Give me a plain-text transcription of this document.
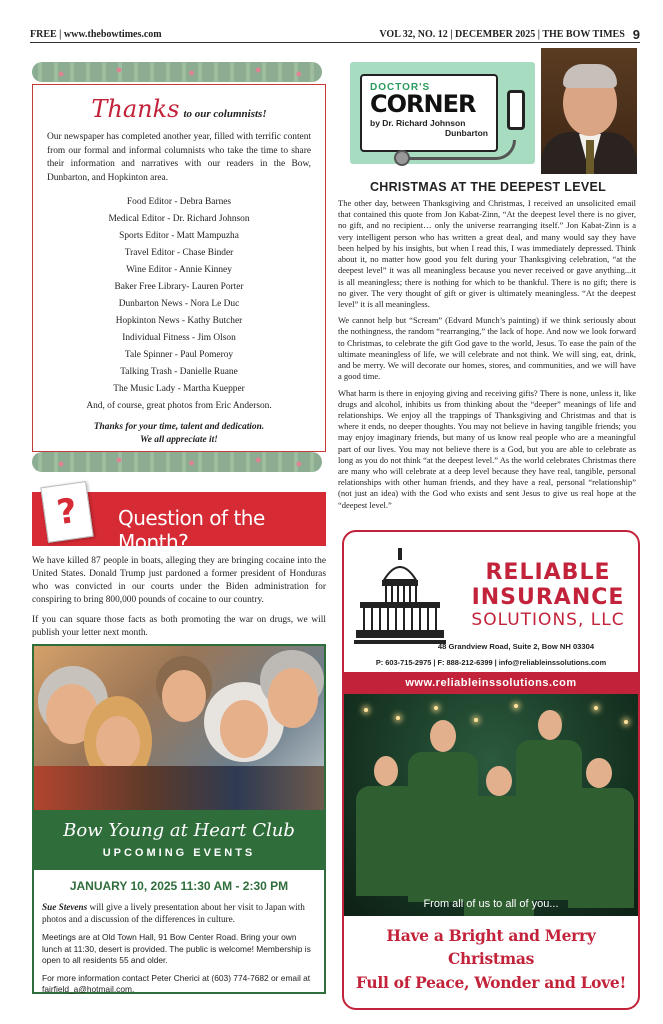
FREE | www.thebowtimes.com	VOL 32, NO. 12 | DECEMBER 2025 | THE BOW TIMES 9
Thanks to our columnists!

Our newspaper has completed another year, filled with terrific content from our formal and informal columnists who take the time to share their information and narratives with our readers in the Bow, Dunbarton, and Hopkinton area.

Food Editor - Debra Barnes
Medical Editor - Dr. Richard Johnson
Sports Editor - Matt Mampuzha
Travel Editor - Chase Binder
Wine Editor - Annie Kinney
Baker Free Library- Lauren Porter
Dunbarton News - Nora Le Duc
Hopkinton News - Kathy Butcher
Individual Fitness - Jim Olson
Tale Spinner - Paul Pomeroy
Talking Trash - Danielle Ruane
The Music Lady - Martha Kuepper
And, of course, great photos from Eric Anderson.
Thanks for your time, talent and dedication.
We all appreciate it!
?	Question of the Month?

We have killed 87 people in boats, alleging they are bringing cocaine into the United States. Donald Trump just pardoned a former president of Honduras who was convicted in our courts under the Biden administration for conspiring to bring 800,000 pounds of cocaine to our country.

If you can square those facts as both promoting the war on drugs, we will publish your letter next month.

Bow Young at Heart Club
UPCOMING EVENTS
JANUARY 10, 2025 11:30 AM - 2:30 PM

Sue Stevens will give a lively presentation about her visit to Japan with photos and a discussion of the differences in culture.

Meetings are at Old Town Hall, 91 Bow Center Road. Bring your own lunch at 11:30, desert is provided. The public is welcome! Membership is open to all residents 55 and older.

For more information contact Peter Cherici at (603) 774-7682 or email at fairfield_a@hotmail.com.

DOCTOR'S
CORNER
by Dr. Richard Johnson
Dunbarton
CHRISTMAS AT THE DEEPEST LEVEL

The other day, between Thanksgiving and Christmas, I received an unsolicited email that contained this quote from Jon Kabat-Zinn, “At the deepest level there is no giver, no gift, and no recipient… only the universe rearranging itself.” Jon Kabat-Zinn is a very intelligent person who has written a great deal, and many would say they have been helped by his insights, but when I read this, I was immediately depressed. Think about it, no matter how good you felt during your Thanksgiving celebration, “at the deepest level” it was all meaningless because you never received or gave anything...it is all meaningless; there is nothing for which to be thankful. There is no gift; there is no giver. The very thought of gift or giver is ultimately meaningless. “At the deepest level” it is all meaningless.

We cannot help but “Scream” (Edvard Munch’s painting) if we think seriously about the nothingness, the random “rearranging,” the lack of hope. And now we look forward to Christmas, to celebrate the gift God gave to the world, Jesus. To ease the pain of the ultimate meaningless of life, we will celebrate and not think. We will sing, eat, drink, and be merry. We will decorate our homes, stores, and communities, and we will have a good time.

What harm is there in enjoying giving and receiving gifts? There is none, unless it, like drugs and alcohol, inhibits us from thinking about the “deeper” meanings of life and relationships. We enjoy all the trappings of Thanksgiving and Christmas and that is where it ends, no deeper thoughts. You may not believe in having tangible friends; you may enjoy imaginary friends, but many of us know real people who are a meaningful part of our lives. You may not believe there is a God, but you are able to celebrate as long as you do not think “at the deepest level.” As the world celebrates Christmas there are many who will celebrate at a deep level because they have real, tangible, personal relationships with other human friends, and they have a real, personal “relationship” (not just an idea) with the God who exists and sent Jesus to give us real hope at the “deepest level.”

RELIABLE
INSURANCE
SOLUTIONS, LLC
48 Grandview Road, Suite 2, Bow NH 03304
P: 603-715-2975 | F: 888-212-6399 | info@reliableinssolutions.com
www.reliableinssolutions.com
From all of us to all of you...
Have a Bright and Merry Christmas
Full of Peace, Wonder and Love!
